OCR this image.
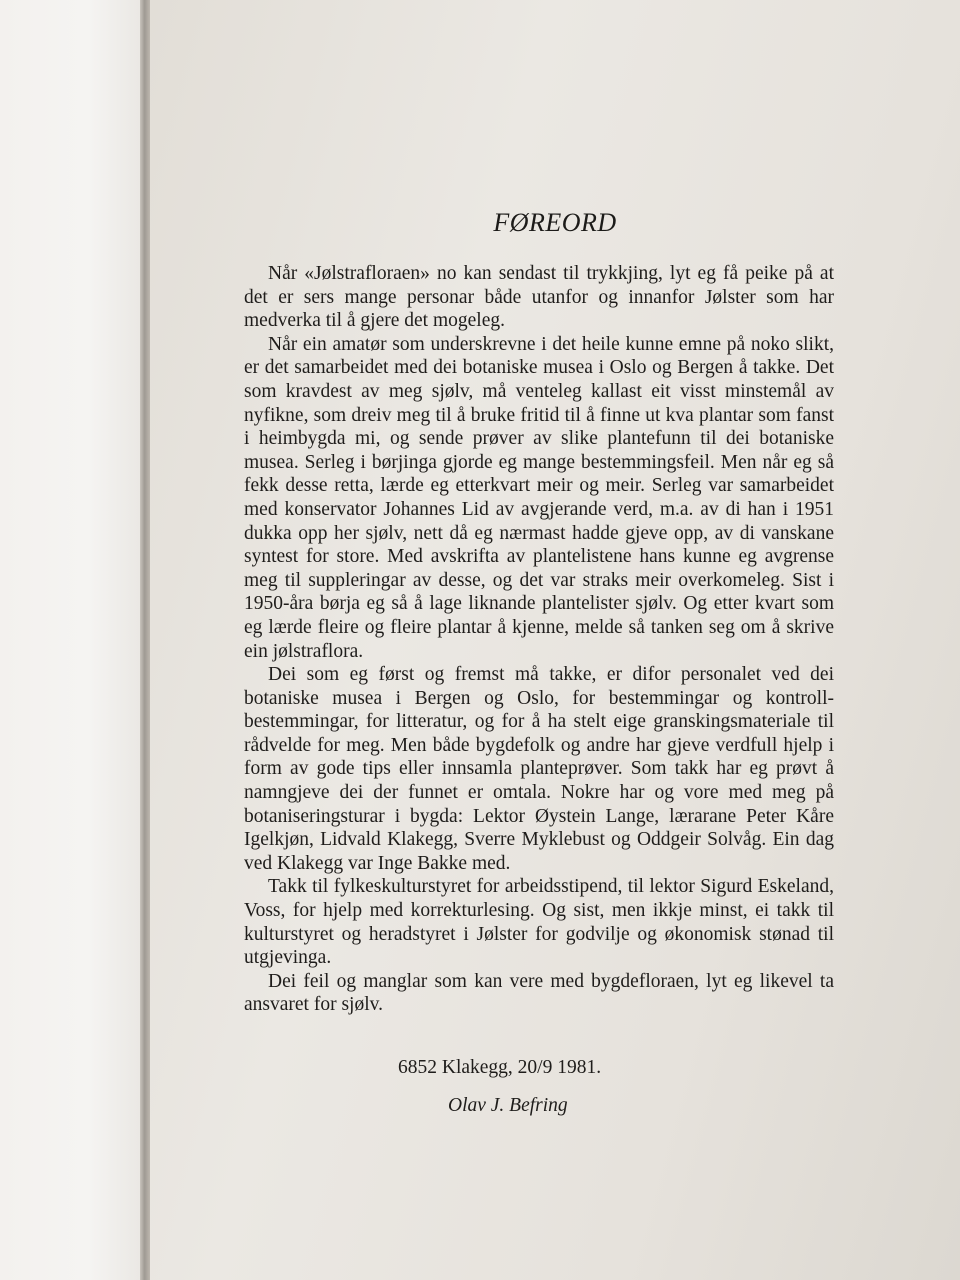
FØREORD

Når «Jølstrafloraen» no kan sendast til trykkjing, lyt eg få peike på at det er sers mange personar både utanfor og innanfor Jølster som har medverka til å gjere det mogeleg.

Når ein amatør som underskrevne i det heile kunne emne på noko slikt, er det samarbeidet med dei botaniske musea i Oslo og Bergen å takke. Det som kravdest av meg sjølv, må venteleg kallast eit visst minstemål av nyfikne, som dreiv meg til å bruke fritid til å finne ut kva plantar som fanst i heimbygda mi, og sende prøver av slike plantefunn til dei botaniske musea. Serleg i børjinga gjorde eg mange bestemmingsfeil. Men når eg så fekk desse retta, lærde eg etterkvart meir og meir. Serleg var samarbeidet med konservator Johannes Lid av avgjerande verd, m.a. av di han i 1951 dukka opp her sjølv, nett då eg nærmast hadde gjeve opp, av di vanskane syntest for store. Med avskrifta av plantelistene hans kunne eg avgrense meg til suppleringar av desse, og det var straks meir overkomeleg. Sist i 1950-åra børja eg så å lage liknande plantelister sjølv. Og etter kvart som eg lærde fleire og fleire plantar å kjenne, melde så tanken seg om å skrive ein jølstraflora.

Dei som eg først og fremst må takke, er difor personalet ved dei botaniske musea i Bergen og Oslo, for bestemmingar og kontrollbestemmingar, for litteratur, og for å ha stelt eige granskingsmateriale til rådvelde for meg. Men både bygdefolk og andre har gjeve verdfull hjelp i form av gode tips eller innsamla planteprøver. Som takk har eg prøvt å namngjeve dei der funnet er omtala. Nokre har og vore med meg på botaniseringsturar i bygda: Lektor Øystein Lange, lærarane Peter Kåre Igelkjøn, Lidvald Klakegg, Sverre Myklebust og Oddgeir Solvåg. Ein dag ved Klakegg var Inge Bakke med.

Takk til fylkeskulturstyret for arbeidsstipend, til lektor Sigurd Eskeland, Voss, for hjelp med korrekturlesing. Og sist, men ikkje minst, ei takk til kulturstyret og heradstyret i Jølster for godvilje og økonomisk stønad til utgjevinga.

Dei feil og manglar som kan vere med bygdefloraen, lyt eg likevel ta ansvaret for sjølv.

6852 Klakegg, 20/9 1981.

Olav J. Befring
